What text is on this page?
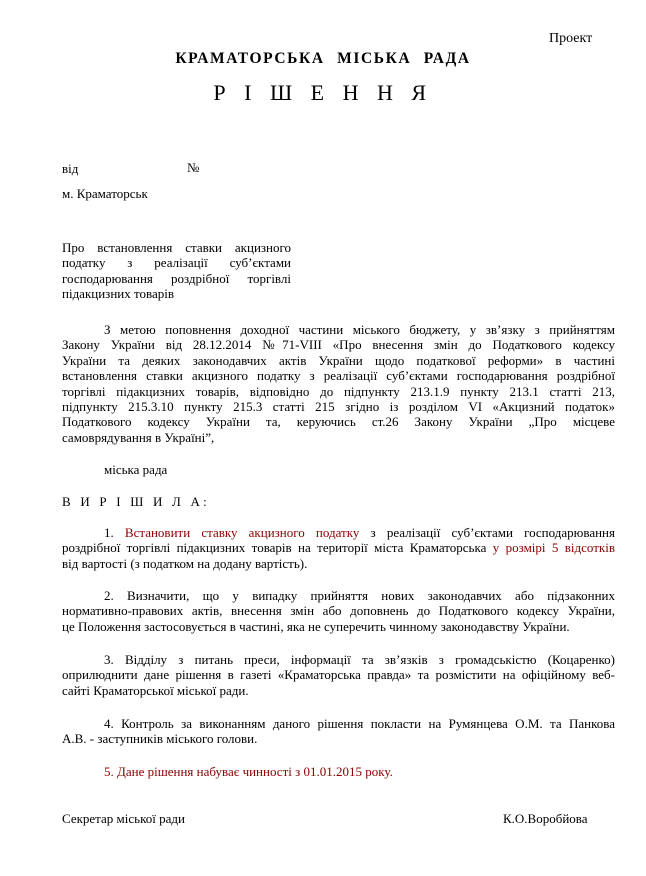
Проект
КРАМАТОРСЬКА МІСЬКА РАДА
Р І Ш Е Н Н Я
від	№
м. Краматорськ
Про встановлення ставки акцизного
податку з реалізації суб’єктами
господарювання роздрібної торгівлі
підакцизних товарів
З метою поповнення доходної частини міського бюджету, у зв’язку з прийняттям
Закону України від 28.12.2014 №71-VIII «Про внесення змін до Податкового кодексу
України та деяких законодавчих актів України щодо податкової реформи» в частині
встановлення ставки акцизного податку з реалізації суб’єктами господарювання роздрібної
торгівлі підакцизних товарів, відповідно до підпункту 213.1.9 пункту 213.1 статті 213,
підпункту 215.3.10 пункту 215.3 статті 215 згідно із розділом VI «Акцизний податок»
Податкового кодексу України та, керуючись ст.26 Закону України „Про місцеве
самоврядування в Україні”,
міська рада
В И Р І Ш И Л А:
1. Встановити ставку акцизного податку з реалізації суб’єктами господарювання
роздрібної торгівлі підакцизних товарів на території міста Краматорська у розмірі 5 відсотків
від вартості (з податком на додану вартість).
2. Визначити, що у випадку прийняття нових законодавчих або підзаконних
нормативно-правових актів, внесення змін або доповнень до Податкового кодексу України,
це Положення застосовується в частині, яка не суперечить чинному законодавству України.
3. Відділу з питань преси, інформації та зв’язків з громадськістю (Коцаренко)
оприлюднити дане рішення в газеті «Краматорська правда» та розмістити на офіційному веб-
сайті Краматорської міської ради.
4. Контроль за виконанням даного рішення покласти на Румянцева О.М. та Панкова
А.В. - заступників міського голови.
5. Дане рішення набуває чинності з 01.01.2015 року.
Секретар міської ради	К.О.Воробйова
